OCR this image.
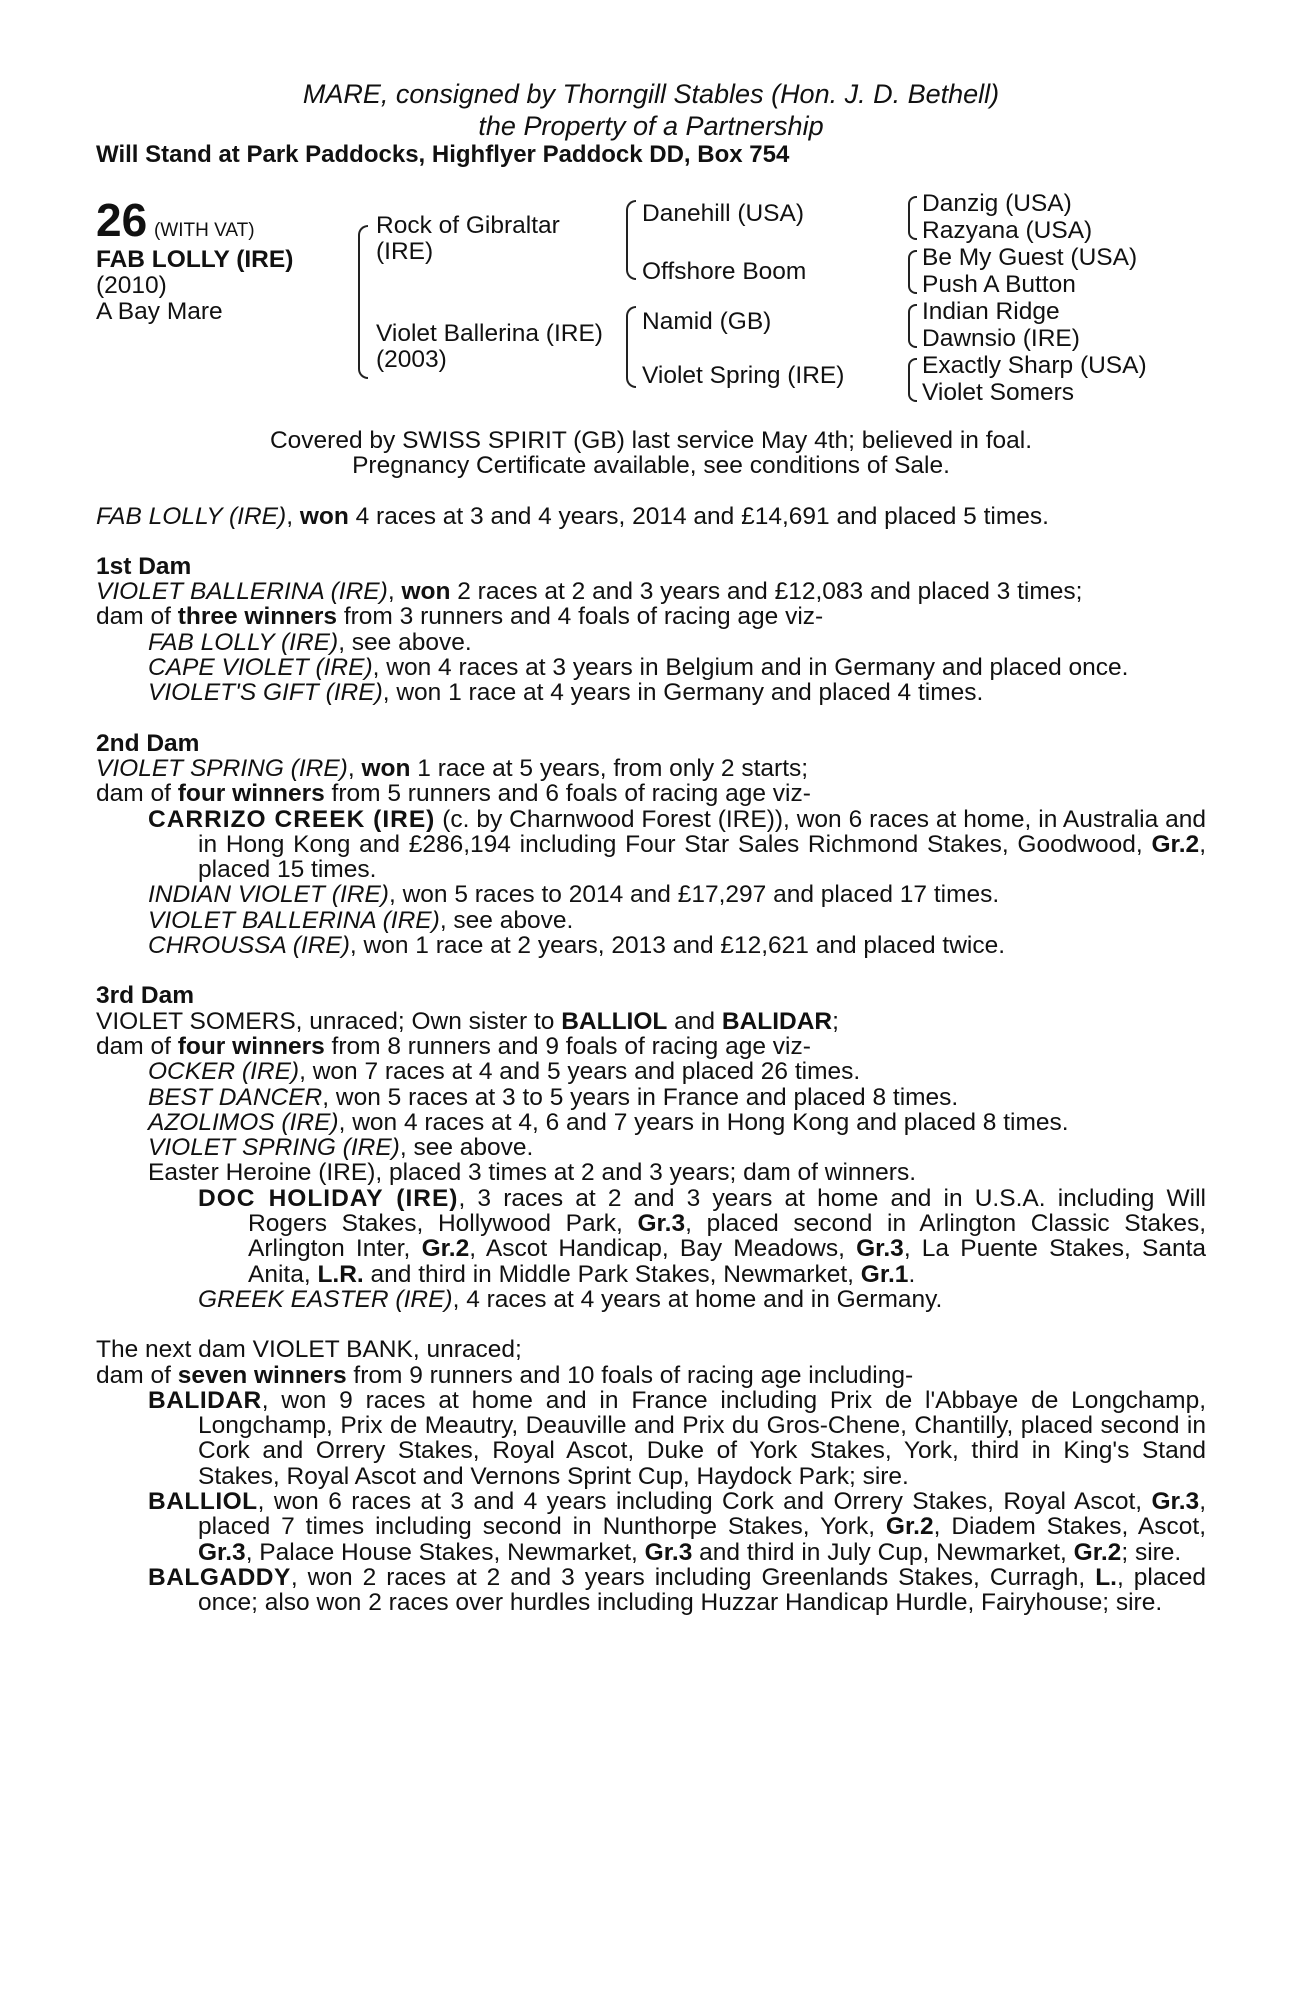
MARE, consigned by Thorngill Stables (Hon. J. D. Bethell)
the Property of a Partnership
Will Stand at Park Paddocks, Highflyer Paddock DD, Box 754
26 (WITH VAT)
FAB LOLLY (IRE)
(2010)
A Bay Mare
Rock of Gibraltar
(IRE)
Violet Ballerina (IRE)
(2003)
Danehill (USA)
Offshore Boom
Namid (GB)
Violet Spring (IRE)
Danzig (USA)
Razyana (USA)
Be My Guest (USA)
Push A Button
Indian Ridge
Dawnsio (IRE)
Exactly Sharp (USA)
Violet Somers
Covered by SWISS SPIRIT (GB) last service May 4th; believed in foal.
Pregnancy Certificate available, see conditions of Sale.
FAB LOLLY (IRE), won 4 races at 3 and 4 years, 2014 and £14,691 and placed 5 times.
1st Dam
VIOLET BALLERINA (IRE), won 2 races at 2 and 3 years and £12,083 and placed 3 times;
dam of three winners from 3 runners and 4 foals of racing age viz-
FAB LOLLY (IRE), see above.
CAPE VIOLET (IRE), won 4 races at 3 years in Belgium and in Germany and placed once.
VIOLET'S GIFT (IRE), won 1 race at 4 years in Germany and placed 4 times.
2nd Dam
VIOLET SPRING (IRE), won 1 race at 5 years, from only 2 starts;
dam of four winners from 5 runners and 6 foals of racing age viz-
CARRIZO CREEK (IRE) (c. by Charnwood Forest (IRE)), won 6 races at home, in Australia and in Hong Kong and £286,194 including Four Star Sales Richmond Stakes, Goodwood, Gr.2, placed 15 times.
INDIAN VIOLET (IRE), won 5 races to 2014 and £17,297 and placed 17 times.
VIOLET BALLERINA (IRE), see above.
CHROUSSA (IRE), won 1 race at 2 years, 2013 and £12,621 and placed twice.
3rd Dam
VIOLET SOMERS, unraced; Own sister to BALLIOL and BALIDAR;
dam of four winners from 8 runners and 9 foals of racing age viz-
OCKER (IRE), won 7 races at 4 and 5 years and placed 26 times.
BEST DANCER, won 5 races at 3 to 5 years in France and placed 8 times.
AZOLIMOS (IRE), won 4 races at 4, 6 and 7 years in Hong Kong and placed 8 times.
VIOLET SPRING (IRE), see above.
Easter Heroine (IRE), placed 3 times at 2 and 3 years; dam of winners.
DOC HOLIDAY (IRE), 3 races at 2 and 3 years at home and in U.S.A. including Will Rogers Stakes, Hollywood Park, Gr.3, placed second in Arlington Classic Stakes, Arlington Inter, Gr.2, Ascot Handicap, Bay Meadows, Gr.3, La Puente Stakes, Santa Anita, L.R. and third in Middle Park Stakes, Newmarket, Gr.1.
GREEK EASTER (IRE), 4 races at 4 years at home and in Germany.
The next dam VIOLET BANK, unraced;
dam of seven winners from 9 runners and 10 foals of racing age including-
BALIDAR, won 9 races at home and in France including Prix de l'Abbaye de Longchamp, Longchamp, Prix de Meautry, Deauville and Prix du Gros-Chene, Chantilly, placed second in Cork and Orrery Stakes, Royal Ascot, Duke of York Stakes, York, third in King's Stand Stakes, Royal Ascot and Vernons Sprint Cup, Haydock Park; sire.
BALLIOL, won 6 races at 3 and 4 years including Cork and Orrery Stakes, Royal Ascot, Gr.3, placed 7 times including second in Nunthorpe Stakes, York, Gr.2, Diadem Stakes, Ascot, Gr.3, Palace House Stakes, Newmarket, Gr.3 and third in July Cup, Newmarket, Gr.2; sire.
BALGADDY, won 2 races at 2 and 3 years including Greenlands Stakes, Curragh, L., placed once; also won 2 races over hurdles including Huzzar Handicap Hurdle, Fairyhouse; sire.
